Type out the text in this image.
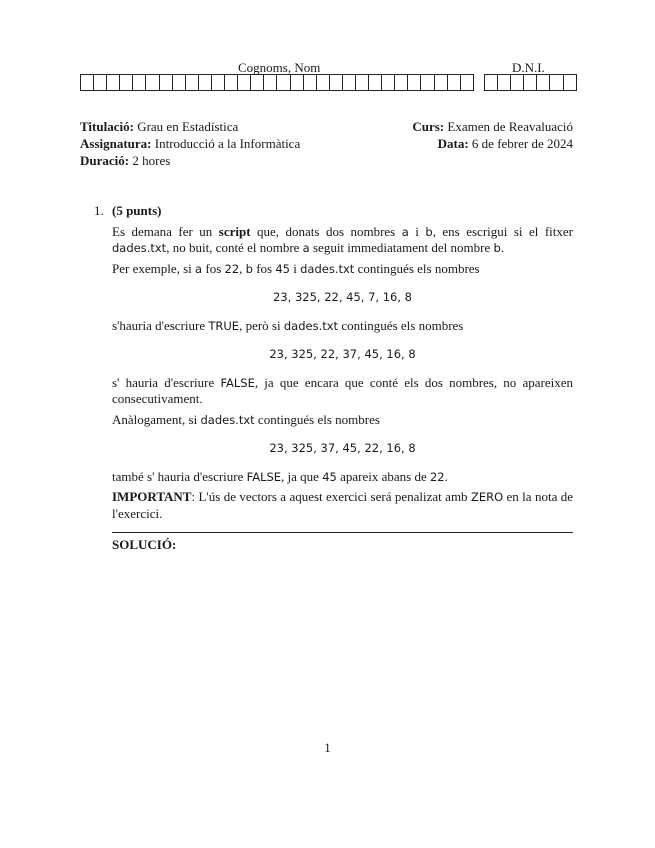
Cognoms, Nom	D.N.I.
Titulació: Grau en Estadística
Assignatura: Introducció a la Informàtica
Duració: 2 hores
Curs: Examen de Reavaluació
Data: 6 de febrer de 2024
1. (5 punts)

Es demana fer un script que, donats dos nombres a i b, ens escrigui si el fitxer dades.txt, no buit, conté el nombre a seguit immediatament del nombre b.

Per exemple, si a fos 22, b fos 45 i dades.txt contingués els nombres

23, 325, 22, 45, 7, 16, 8

s'hauria d'escriure TRUE, però si dades.txt contingués els nombres

23, 325, 22, 37, 45, 16, 8

s' hauria d'escriure FALSE, ja que encara que conté els dos nombres, no apareixen consecutivament.

Anàlogament, si dades.txt contingués els nombres

23, 325, 37, 45, 22, 16, 8

també s' hauria d'escriure FALSE, ja que 45 apareix abans de 22.

IMPORTANT: L'ús de vectors a aquest exercici será penalizat amb ZERO en la nota de l'exercici.

SOLUCIÓ:
1
